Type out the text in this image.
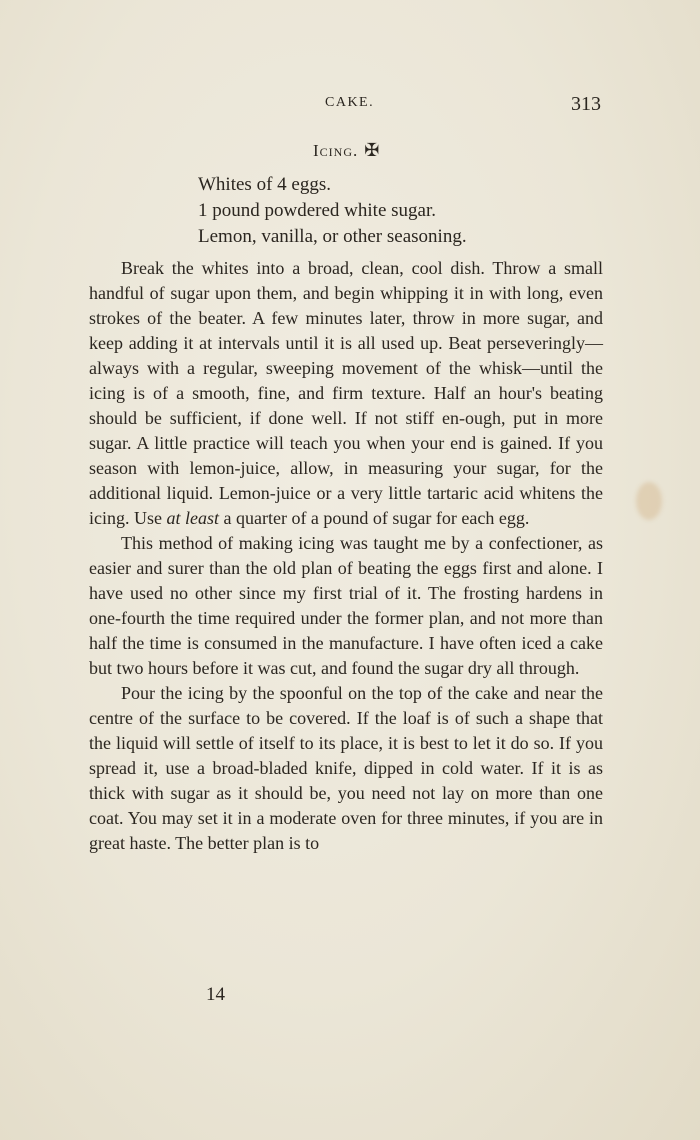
CAKE.	313
Icing. ✠
Whites of 4 eggs.
1 pound powdered white sugar.
Lemon, vanilla, or other seasoning.

Break the whites into a broad, clean, cool dish. Throw a small handful of sugar upon them, and begin whipping it in with long, even strokes of the beater. A few minutes later, throw in more sugar, and keep adding it at intervals until it is all used up. Beat perseveringly—always with a regular, sweeping movement of the whisk—until the icing is of a smooth, fine, and firm texture. Half an hour's beating should be sufficient, if done well. If not stiff en-ough, put in more sugar. A little practice will teach you when your end is gained. If you season with lemon-juice, allow, in measuring your sugar, for the additional liquid. Lemon-juice or a very little tartaric acid whitens the icing. Use at least a quarter of a pound of sugar for each egg.

This method of making icing was taught me by a confectioner, as easier and surer than the old plan of beating the eggs first and alone. I have used no other since my first trial of it. The frosting hardens in one-fourth the time required under the former plan, and not more than half the time is consumed in the manufacture. I have often iced a cake but two hours before it was cut, and found the sugar dry all through.

Pour the icing by the spoonful on the top of the cake and near the centre of the surface to be covered. If the loaf is of such a shape that the liquid will settle of itself to its place, it is best to let it do so. If you spread it, use a broad-bladed knife, dipped in cold water. If it is as thick with sugar as it should be, you need not lay on more than one coat. You may set it in a moderate oven for three minutes, if you are in great haste. The better plan is to

14
